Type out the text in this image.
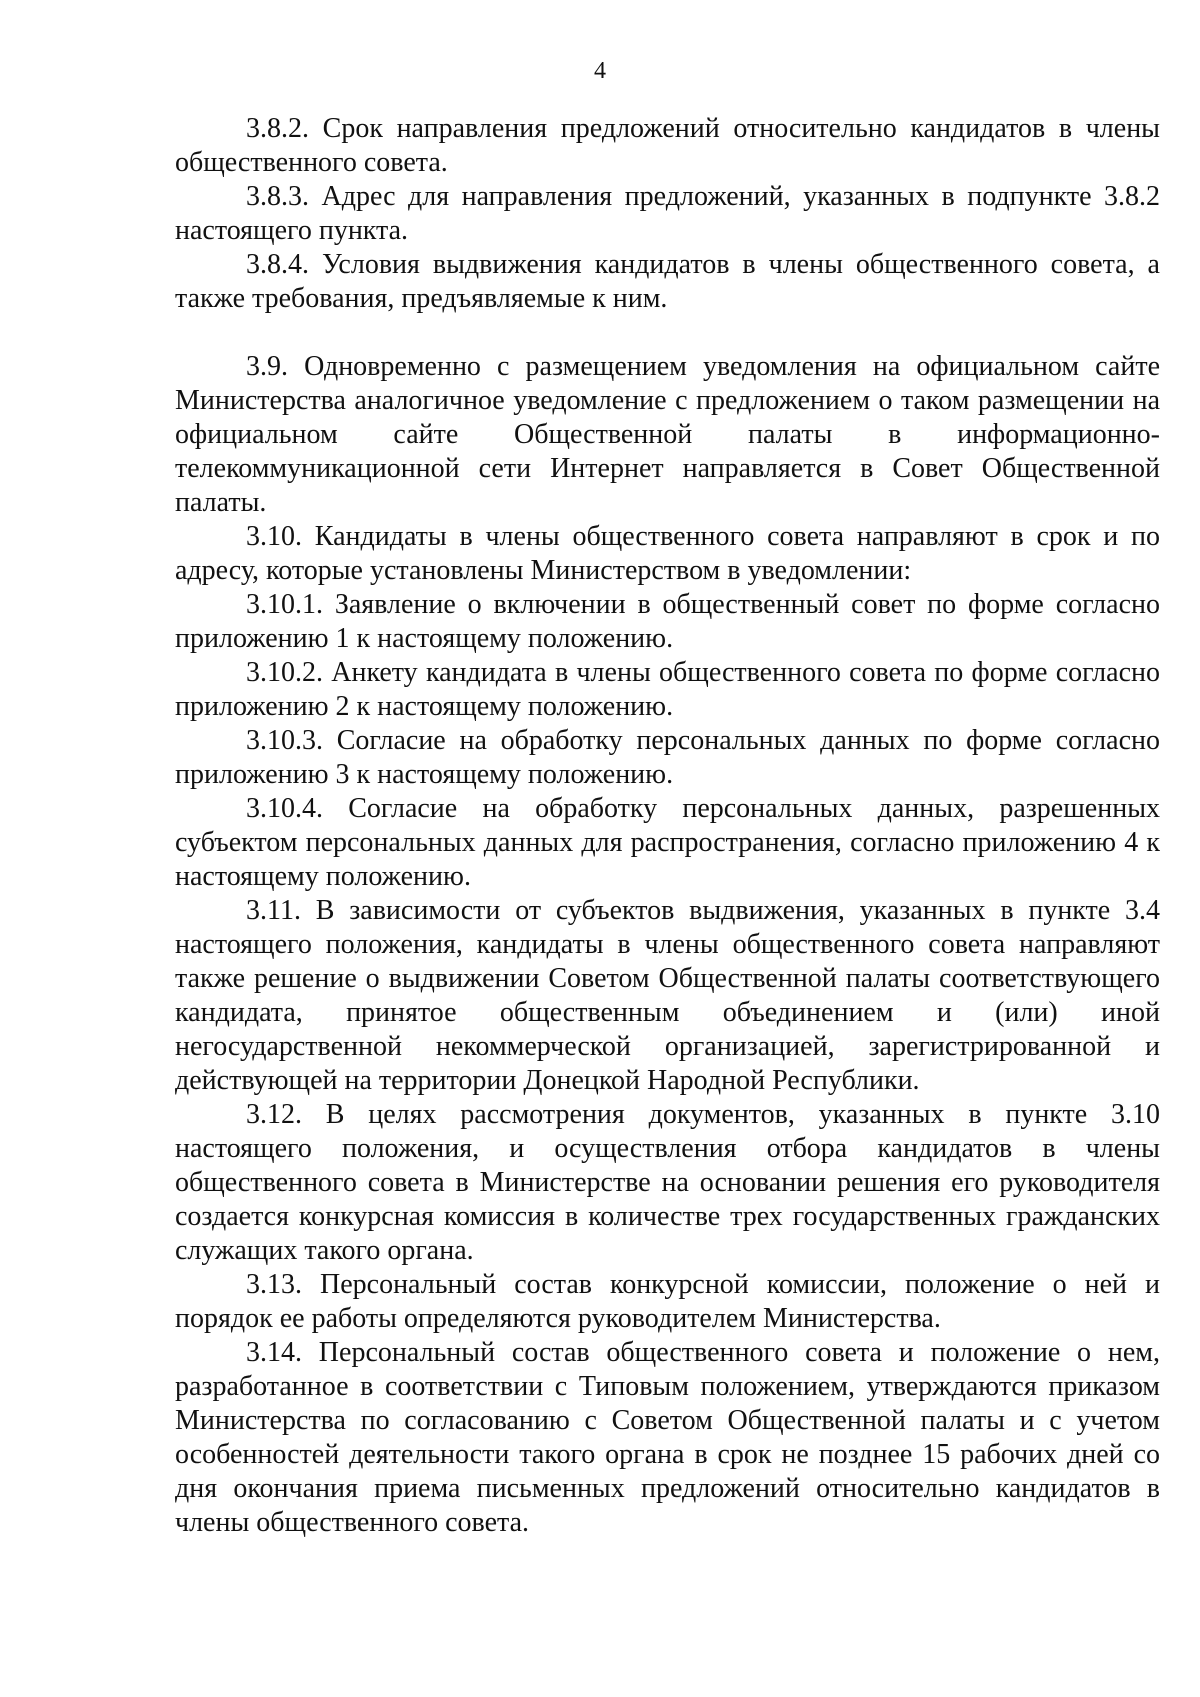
4

3.8.2. Срок направления предложений относительно кандидатов в члены общественного совета.

3.8.3. Адрес для направления предложений, указанных в подпункте 3.8.2 настоящего пункта.

3.8.4. Условия выдвижения кандидатов в члены общественного совета, а также требования, предъявляемые к ним.

3.9. Одновременно с размещением уведомления на официальном сайте Министерства аналогичное уведомление с предложением о таком размещении на официальном сайте Общественной палаты в информационно-телекоммуникационной сети Интернет направляется в Совет Общественной палаты.

3.10. Кандидаты в члены общественного совета направляют в срок и по адресу, которые установлены Министерством в уведомлении:

3.10.1. Заявление о включении в общественный совет по форме согласно приложению 1 к настоящему положению.

3.10.2. Анкету кандидата в члены общественного совета по форме согласно приложению 2 к настоящему положению.

3.10.3. Согласие на обработку персональных данных по форме согласно приложению 3 к настоящему положению.

3.10.4. Согласие на обработку персональных данных, разрешенных субъектом персональных данных для распространения, согласно приложению 4 к настоящему положению.

3.11. В зависимости от субъектов выдвижения, указанных в пункте 3.4 настоящего положения, кандидаты в члены общественного совета направляют также решение о выдвижении Советом Общественной палаты соответствующего кандидата, принятое общественным объединением и (или) иной негосударственной некоммерческой организацией, зарегистрированной и действующей на территории Донецкой Народной Республики.

3.12. В целях рассмотрения документов, указанных в пункте 3.10 настоящего положения, и осуществления отбора кандидатов в члены общественного совета в Министерстве на основании решения его руководителя создается конкурсная комиссия в количестве трех государственных гражданских служащих такого органа.

3.13. Персональный состав конкурсной комиссии, положение о ней и порядок ее работы определяются руководителем Министерства.

3.14. Персональный состав общественного совета и положение о нем, разработанное в соответствии с Типовым положением, утверждаются приказом Министерства по согласованию с Советом Общественной палаты и с учетом особенностей деятельности такого органа в срок не позднее 15 рабочих дней со дня окончания приема письменных предложений относительно кандидатов в члены общественного совета.
